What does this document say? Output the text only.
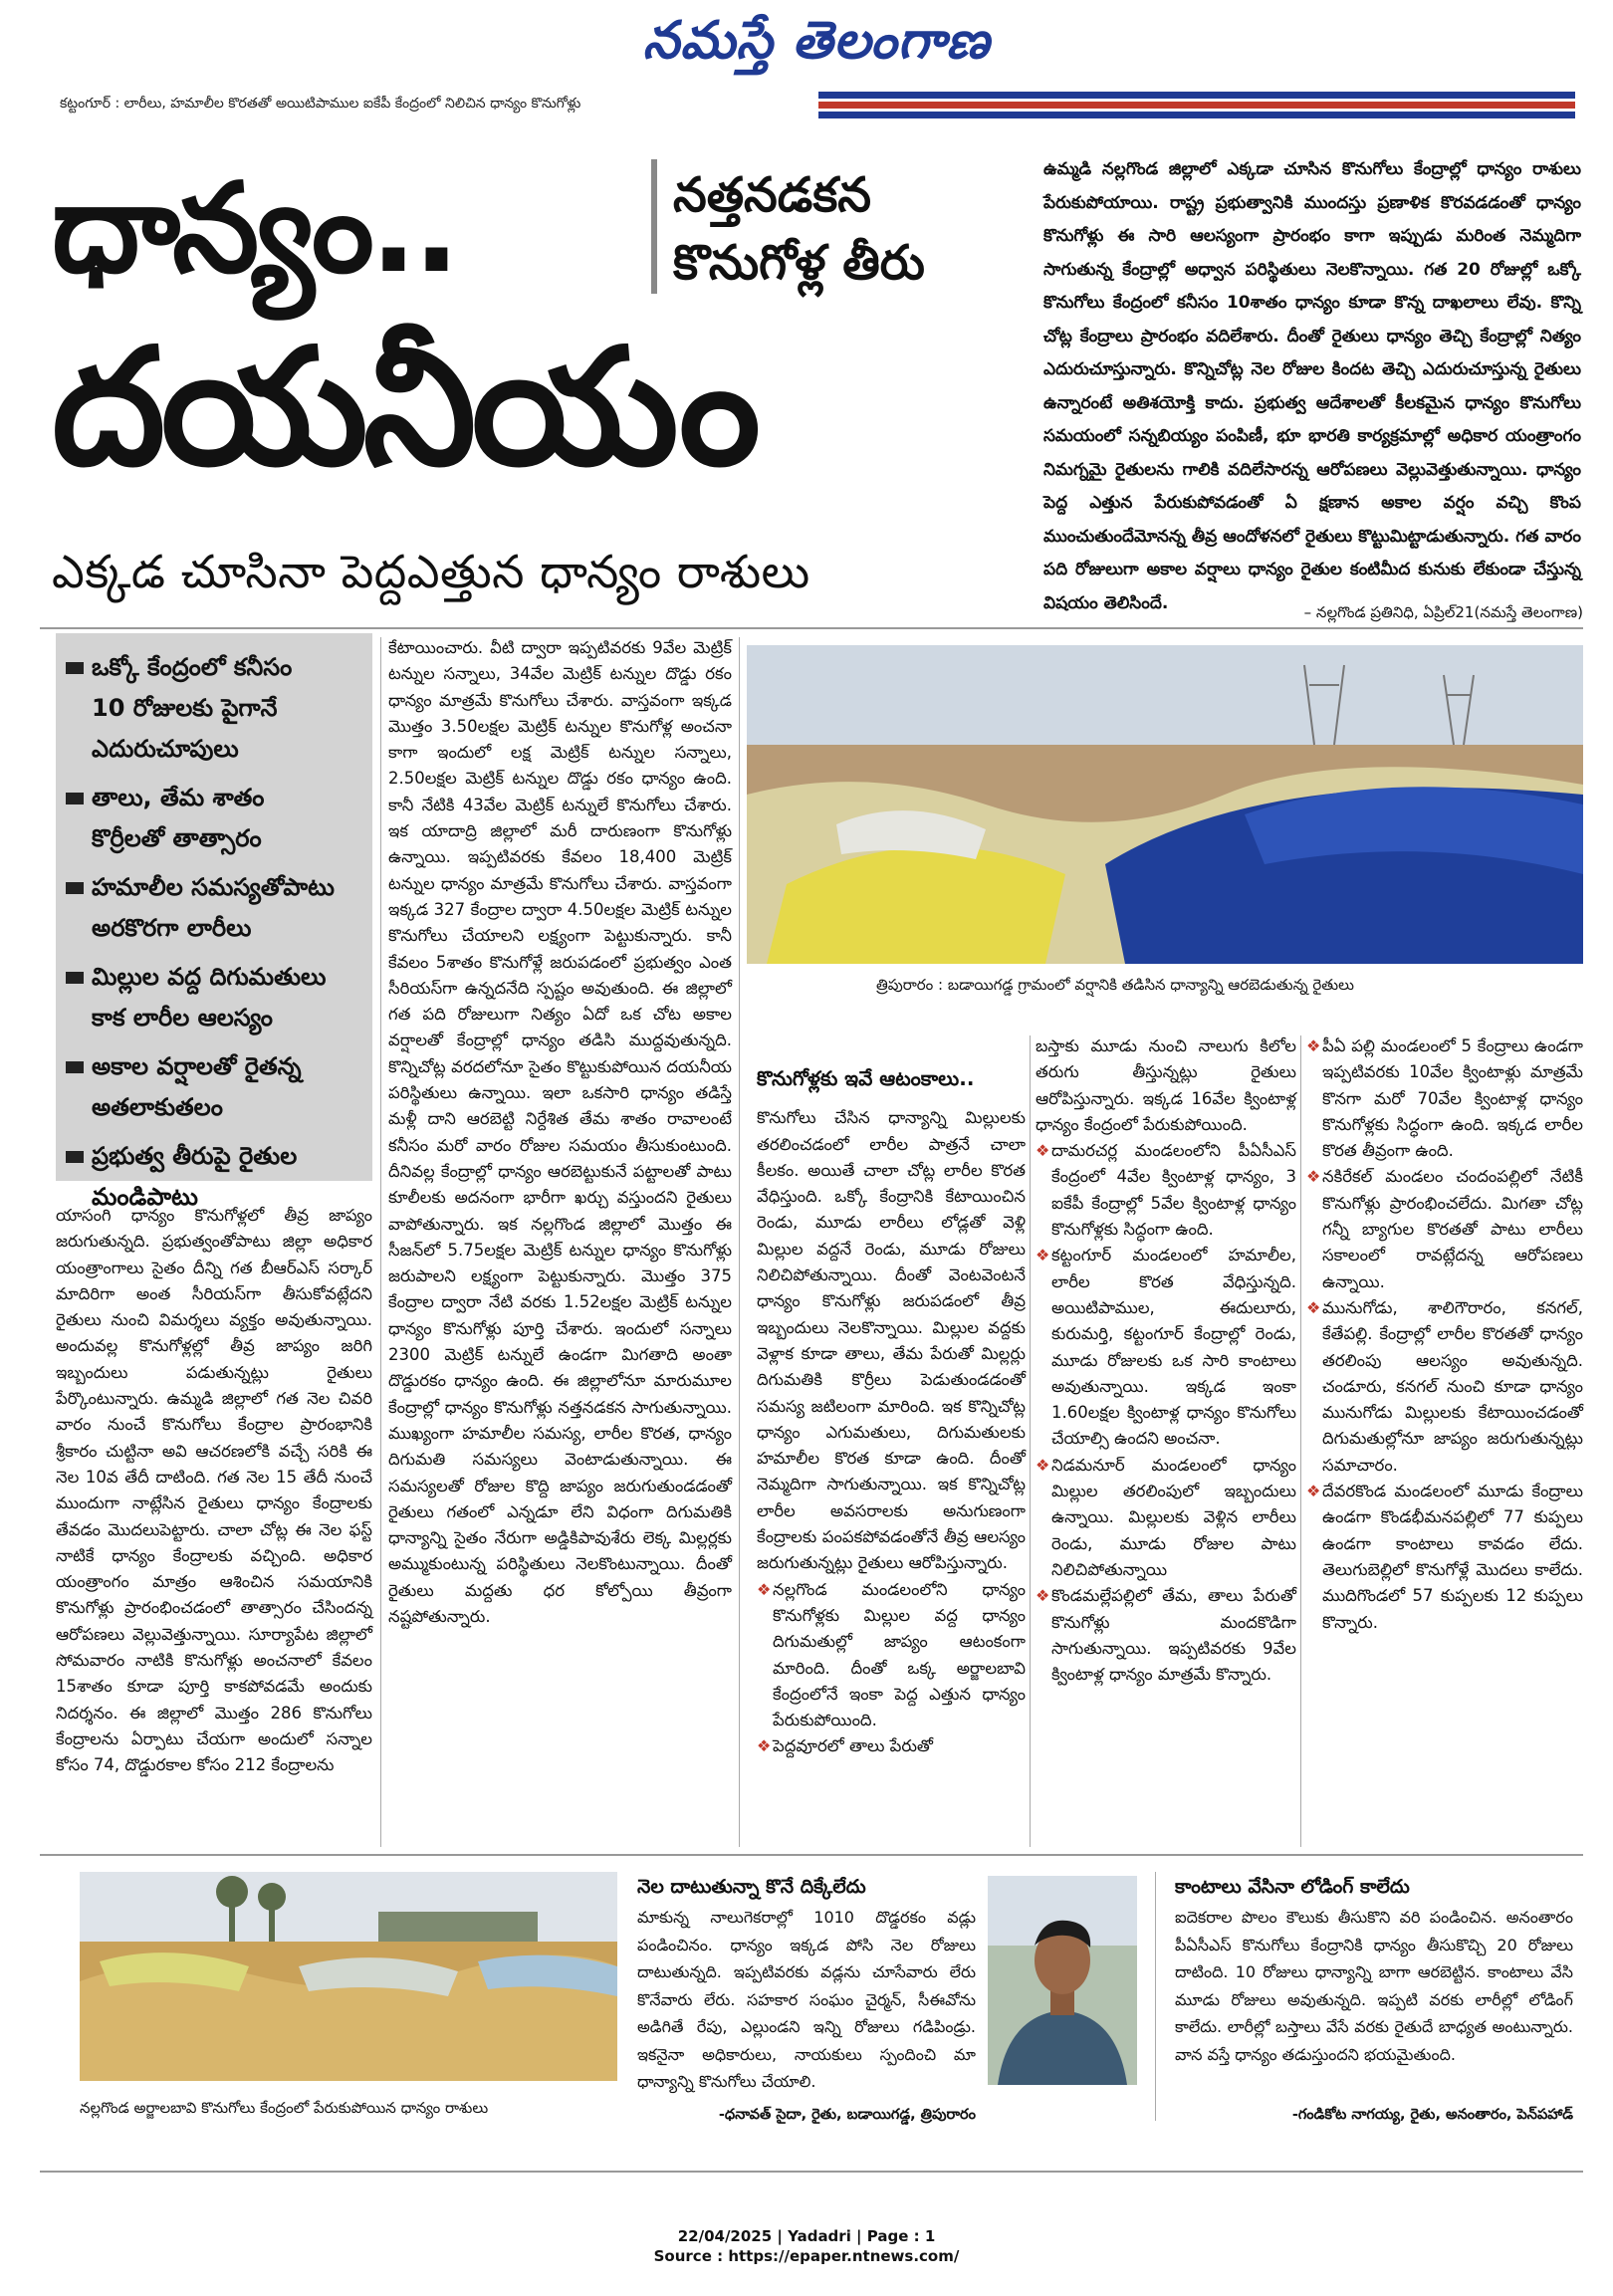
నమస్తే తెలంగాణ
కట్టంగూర్ : లారీలు, హమాలీల కొరతతో అయిటిపాముల ఐకేపీ కేంద్రంలో నిలిచిన ధాన్యం కొనుగోళ్లు
ధాన్యం..	నత్తనడకన
కొనుగోళ్ల తీరు
దయనీయం
ఎక్కడ చూసినా పెద్దఎత్తున ధాన్యం రాశులు
ఉమ్మడి నల్లగొండ జిల్లాలో ఎక్కడా చూసిన కొనుగోలు కేంద్రాల్లో ధాన్యం రాశులు పేరుకుపోయాయి. రాష్ట్ర ప్రభుత్వానికి ముందస్తు ప్రణాళిక కొరవడడంతో ధాన్యం కొనుగోళ్లు ఈ సారి ఆలస్యంగా ప్రారంభం కాగా ఇప్పుడు మరింత నెమ్మదిగా సాగుతున్న కేంద్రాల్లో అధ్వాన పరిస్థితులు నెలకొన్నాయి. గత 20 రోజుల్లో ఒక్కో కొనుగోలు కేంద్రంలో కనీసం 10శాతం ధాన్యం కూడా కొన్న దాఖలాలు లేవు. కొన్ని చోట్ల కేంద్రాలు ప్రారంభం వదిలేశారు. దీంతో రైతులు ధాన్యం తెచ్చి కేంద్రాల్లో నిత్యం ఎదురుచూస్తున్నారు. కొన్నిచోట్ల నెల రోజుల కిందట తెచ్చి ఎదురుచూస్తున్న రైతులు ఉన్నారంటే అతిశయోక్తి కాదు. ప్రభుత్వ ఆదేశాలతో కీలకమైన ధాన్యం కొనుగోలు సమయంలో సన్నబియ్యం పంపిణీ, భూ భారతి కార్యక్రమాల్లో అధికార యంత్రాంగం నిమగ్నమై రైతులను గాలికి వదిలేసారన్న ఆరోపణలు వెల్లువెత్తుతున్నాయి. ధాన్యం పెద్ద ఎత్తున పేరుకుపోవడంతో ఏ క్షణాన అకాల వర్షం వచ్చి కొంప ముంచుతుందేమోనన్న తీవ్ర ఆందోళనలో రైతులు కొట్టుమిట్టాడుతున్నారు. గత వారం పది రోజులుగా అకాల వర్షాలు ధాన్యం రైతుల కంటిమీద కునుకు లేకుండా చేస్తున్న విషయం తెలిసిందే.	– నల్లగొండ ప్రతినిధి, ఏప్రిల్21(నమస్తే తెలంగాణ)
ఒక్కో కేంద్రంలో కనీసం
10 రోజులకు పైగానే
ఎదురుచూపులు
తాలు, తేమ శాతం
కొర్రీలతో తాత్సారం
హమాలీల సమస్యతోపాటు
అరకొరగా లారీలు
మిల్లుల వద్ద దిగుమతులు
కాక లారీల ఆలస్యం
అకాల వర్షాలతో రైతన్న
అతలాకుతలం
ప్రభుత్వ తీరుపై రైతుల
మండిపాటు
యాసంగి ధాన్యం కొనుగోళ్లలో తీవ్ర జాప్యం జరుగుతున్నది. ప్రభుత్వంతోపాటు జిల్లా అధికార యంత్రాంగాలు సైతం దీన్ని గత బీఆర్ఎస్ సర్కార్ మాదిరిగా అంత సీరియస్‌గా తీసుకోవట్లేదని రైతులు నుంచి విమర్శలు వ్యక్తం అవుతున్నాయి. అందువల్ల కొనుగోళ్లల్లో తీవ్ర జాప్యం జరిగి ఇబ్బందులు పడుతున్నట్లు రైతులు పేర్కొంటున్నారు. ఉమ్మడి జిల్లాలో గత నెల చివరి వారం నుంచే కొనుగోలు కేంద్రాల ప్రారంభానికి శ్రీకారం చుట్టినా అవి ఆచరణలోకి వచ్చే సరికి ఈ నెల 10వ తేదీ దాటింది. గత నెల 15 తేదీ నుంచే ముందుగా నాట్లేసిన రైతులు ధాన్యం కేంద్రాలకు తేవడం మొదలుపెట్టారు. చాలా చోట్ల ఈ నెల ఫస్ట్ నాటికే ధాన్యం కేంద్రాలకు వచ్చింది. అధికార యంత్రాంగం మాత్రం ఆశించిన సమయానికి కొనుగోళ్లు ప్రారంభించడంలో తాత్సారం చేసిందన్న ఆరోపణలు వెల్లువెత్తున్నాయి. సూర్యాపేట జిల్లాలో సోమవారం నాటికి కొనుగోళ్లు అంచనాలో కేవలం 15శాతం కూడా పూర్తి కాకపోవడమే అందుకు నిదర్శనం. ఈ జిల్లాలో మొత్తం 286 కొనుగోలు కేంద్రాలను ఏర్పాటు చేయగా అందులో సన్నాల కోసం 74, దొడ్డురకాల కోసం 212 కేంద్రాలను
కేటాయించారు. వీటి ద్వారా ఇప్పటివరకు 9వేల మెట్రిక్ టన్నుల సన్నాలు, 34వేల మెట్రిక్ టన్నుల దొడ్డు రకం ధాన్యం మాత్రమే కొనుగోలు చేశారు. వాస్తవంగా ఇక్కడ మొత్తం 3.50లక్షల మెట్రిక్ టన్నుల కొనుగోళ్ల అంచనా కాగా ఇందులో లక్ష మెట్రిక్ టన్నుల సన్నాలు, 2.50లక్షల మెట్రిక్ టన్నుల దొడ్డు రకం ధాన్యం ఉంది. కానీ నేటికి 43వేల మెట్రిక్ టన్నులే కొనుగోలు చేశారు. ఇక యాదాద్రి జిల్లాలో మరీ దారుణంగా కొనుగోళ్లు ఉన్నాయి. ఇప్పటివరకు కేవలం 18,400 మెట్రిక్ టన్నుల ధాన్యం మాత్రమే కొనుగోలు చేశారు. వాస్తవంగా ఇక్కడ 327 కేంద్రాల ద్వారా 4.50లక్షల మెట్రిక్ టన్నుల కొనుగోలు చేయాలని లక్ష్యంగా పెట్టుకున్నారు. కానీ కేవలం 5శాతం కొనుగోళ్లే జరుపడంలో ప్రభుత్వం ఎంత సీరియస్‌గా ఉన్నదనేది స్పష్టం అవుతుంది. ఈ జిల్లాలో గత పది రోజులుగా నిత్యం ఏదో ఒక చోట అకాల వర్షాలతో కేంద్రాల్లో ధాన్యం తడిసి ముద్దవుతున్నది. కొన్నిచోట్ల వరదలోనూ సైతం కొట్టుకుపోయిన దయనీయ పరిస్థితులు ఉన్నాయి. ఇలా ఒకసారి ధాన్యం తడిస్తే మళ్లీ దాని ఆరబెట్టి నిర్దేశిత తేమ శాతం రావాలంటే కనీసం మరో వారం రోజుల సమయం తీసుకుంటుంది. దీనివల్ల కేంద్రాల్లో ధాన్యం ఆరబెట్టుకునే పట్టాలతో పాటు కూలీలకు అదనంగా భారీగా ఖర్చు వస్తుందని రైతులు వాపోతున్నారు. ఇక నల్లగొండ జిల్లాలో మొత్తం ఈ సీజన్‌లో 5.75లక్షల మెట్రిక్ టన్నుల ధాన్యం కొనుగోళ్లు జరుపాలని లక్ష్యంగా పెట్టుకున్నారు. మొత్తం 375 కేంద్రాల ద్వారా నేటి వరకు 1.52లక్షల మెట్రిక్ టన్నుల ధాన్యం కొనుగోళ్లు పూర్తి చేశారు. ఇందులో సన్నాలు 2300 మెట్రిక్ టన్నులే ఉండగా మిగతాది అంతా దొడ్డురకం ధాన్యం ఉంది. ఈ జిల్లాలోనూ మారుమూల కేంద్రాల్లో ధాన్యం కొనుగోళ్లు నత్తనడకన సాగుతున్నాయి. ముఖ్యంగా హమాలీల సమస్య, లారీల కొరత, ధాన్యం దిగుమతి సమస్యలు వెంటాడుతున్నాయి. ఈ సమస్యలతో రోజుల కొద్ది జాప్యం జరుగుతుండడంతో రైతులు గతంలో ఎన్నడూ లేని విధంగా దిగుమతికి ధాన్యాన్ని సైతం నేరుగా అడ్డికిపావుశేరు లెక్క మిల్లర్లకు అమ్ముకుంటున్న పరిస్థితులు నెలకొంటున్నాయి. దీంతో రైతులు మద్దతు ధర కోల్పోయి తీవ్రంగా నష్టపోతున్నారు.
త్రిపురారం : బడాయిగడ్డ గ్రామంలో వర్షానికి తడిసిన ధాన్యాన్ని ఆరబెడుతున్న రైతులు
కొనుగోళ్లకు ఇవే ఆటంకాలు..
కొనుగోలు చేసిన ధాన్యాన్ని మిల్లులకు తరలించడంలో లారీల పాత్రనే చాలా కీలకం. అయితే చాలా చోట్ల లారీల కొరత వేధిస్తుంది. ఒక్కో కేంద్రానికి కేటాయించిన రెండు, మూడు లారీలు లోడ్లతో వెళ్లి మిల్లుల వద్దనే రెండు, మూడు రోజులు నిలిచిపోతున్నాయి. దీంతో వెంటవెంటనే ధాన్యం కొనుగోళ్లు జరుపడంలో తీవ్ర ఇబ్బందులు నెలకొన్నాయి. మిల్లుల వద్దకు వెళ్లాక కూడా తాలు, తేమ పేరుతో మిల్లర్లు దిగుమతికి కొర్రీలు పెడుతుండడంతో సమస్య జటిలంగా మారింది. ఇక కొన్నిచోట్ల ధాన్యం ఎగుమతులు, దిగుమతులకు హమాలీల కొరత కూడా ఉంది. దీంతో నెమ్మదిగా సాగుతున్నాయి. ఇక కొన్నిచోట్ల లారీల అవసరాలకు అనుగుణంగా కేంద్రాలకు పంపకపోవడంతోనే తీవ్ర ఆలస్యం జరుగుతున్నట్లు రైతులు ఆరోపిస్తున్నారు.
❖ నల్లగొండ మండలంలోని ధాన్యం కొనుగోళ్లకు మిల్లుల వద్ద ధాన్యం దిగుమతుల్లో జాప్యం ఆటంకంగా మారింది. దీంతో ఒక్క అర్జాలబావి కేంద్రంలోనే ఇంకా పెద్ద ఎత్తున ధాన్యం పేరుకుపోయింది.
❖ పెద్దవూరలో తాలు పేరుతో
బస్తాకు మూడు నుంచి నాలుగు కిలోల తరుగు తీస్తున్నట్లు రైతులు ఆరోపిస్తున్నారు. ఇక్కడ 16వేల క్వింటాళ్ల ధాన్యం కేంద్రంలో పేరుకుపోయింది.
❖ దామరచర్ల మండలంలోని పీఏసీఎస్ కేంద్రంలో 4వేల క్వింటాళ్ల ధాన్యం, 3 ఐకేపీ కేంద్రాల్లో 5వేల క్వింటాళ్ల ధాన్యం కొనుగోళ్లకు సిద్ధంగా ఉంది.
❖ కట్టంగూర్ మండలంలో హమాలీల, లారీల కొరత వేధిస్తున్నది. అయిటిపాముల, ఈదులూరు, కురుమర్తి, కట్టంగూర్ కేంద్రాల్లో రెండు, మూడు రోజులకు ఒక సారి కాంటాలు అవుతున్నాయి. ఇక్కడ ఇంకా 1.60లక్షల క్వింటాళ్ల ధాన్యం కొనుగోలు చేయాల్సి ఉందని అంచనా.
❖ నిడమనూర్ మండలంలో ధాన్యం మిల్లుల తరలింపులో ఇబ్బందులు ఉన్నాయి. మిల్లులకు వెళ్లిన లారీలు రెండు, మూడు రోజుల పాటు నిలిచిపోతున్నాయి
❖ కొండమల్లేపల్లిలో తేమ, తాలు పేరుతో కొనుగోళ్లు మందకొడిగా సాగుతున్నాయి. ఇప్పటివరకు 9వేల క్వింటాళ్ల ధాన్యం మాత్రమే కొన్నారు.
❖ పీఏ పల్లి మండలంలో 5 కేంద్రాలు ఉండగా ఇప్పటివరకు 10వేల క్వింటాళ్లు మాత్రమే కొనగా మరో 70వేల క్వింటాళ్ల ధాన్యం కొనుగోళ్లకు సిద్ధంగా ఉంది. ఇక్కడ లారీల కొరత తీవ్రంగా ఉంది.
❖ నకిరేకల్ మండలం చందంపల్లిలో నేటికీ కొనుగోళ్లు ప్రారంభించలేదు. మిగతా చోట్ల గన్నీ బ్యాగుల కొరతతో పాటు లారీలు సకాలంలో రావట్లేదన్న ఆరోపణలు ఉన్నాయి.
❖ మునుగోడు, శాలిగౌరారం, కనగల్, కేతేపల్లి. కేంద్రాల్లో లారీల కొరతతో ధాన్యం తరలింపు ఆలస్యం అవుతున్నది. చండూరు, కనగల్ నుంచి కూడా ధాన్యం మునుగోడు మిల్లులకు కేటాయించడంతో దిగుమతుల్లోనూ జాప్యం జరుగుతున్నట్లు సమాచారం.
❖ దేవరకొండ మండలంలో మూడు కేంద్రాలు ఉండగా కొండభీమనపల్లిలో 77 కుప్పలు ఉండగా కాంటాలు కావడం లేదు. తెలుగుబెల్లిలో కొనుగోళ్లే మొదలు కాలేదు. ముదిగొండలో 57 కుప్పలకు 12 కుప్పలు కొన్నారు.
నల్లగొండ అర్జాలబావి కొనుగోలు కేంద్రంలో పేరుకుపోయిన ధాన్యం రాశులు
నెల దాటుతున్నా కొనే దిక్కేలేదు
మాకున్న నాలుగెకరాల్లో 1010 దొడ్డరకం వడ్లు పండించినం. ధాన్యం ఇక్కడ పోసి నెల రోజులు దాటుతున్నది. ఇప్పటివరకు వడ్లను చూసేవారు లేరు కొనేవారు లేరు. సహకార సంఘం చైర్మన్, సీఈవోను అడిగితే రేపు, ఎల్లుండని ఇన్ని రోజులు గడిపిండ్రు. ఇకనైనా అధికారులు, నాయకులు స్పందించి మా ధాన్యాన్ని కొనుగోలు చేయాలి.
-ధనావత్ సైదా, రైతు, బడాయిగడ్డ, త్రిపురారం
కాంటాలు వేసినా లోడింగ్ కాలేదు
ఐదెకరాల పొలం కౌలుకు తీసుకొని వరి పండించిన. అనంతారం పీఏసీఎస్ కొనుగోలు కేంద్రానికి ధాన్యం తీసుకొచ్చి 20 రోజులు దాటింది. 10 రోజులు ధాన్యాన్ని బాగా ఆరబెట్టిన. కాంటాలు వేసి మూడు రోజులు అవుతున్నది. ఇప్పటి వరకు లారీల్లో లోడింగ్ కాలేదు. లారీల్లో బస్తాలు వేసే వరకు రైతుదే బాధ్యత అంటున్నారు. వాన వస్తే ధాన్యం తడుస్తుందని భయమైతుంది.
-గండికోట నాగయ్య, రైతు, అనంతారం, పెన్‌పహాడ్
22/04/2025 | Yadadri | Page : 1
Source : https://epaper.ntnews.com/
